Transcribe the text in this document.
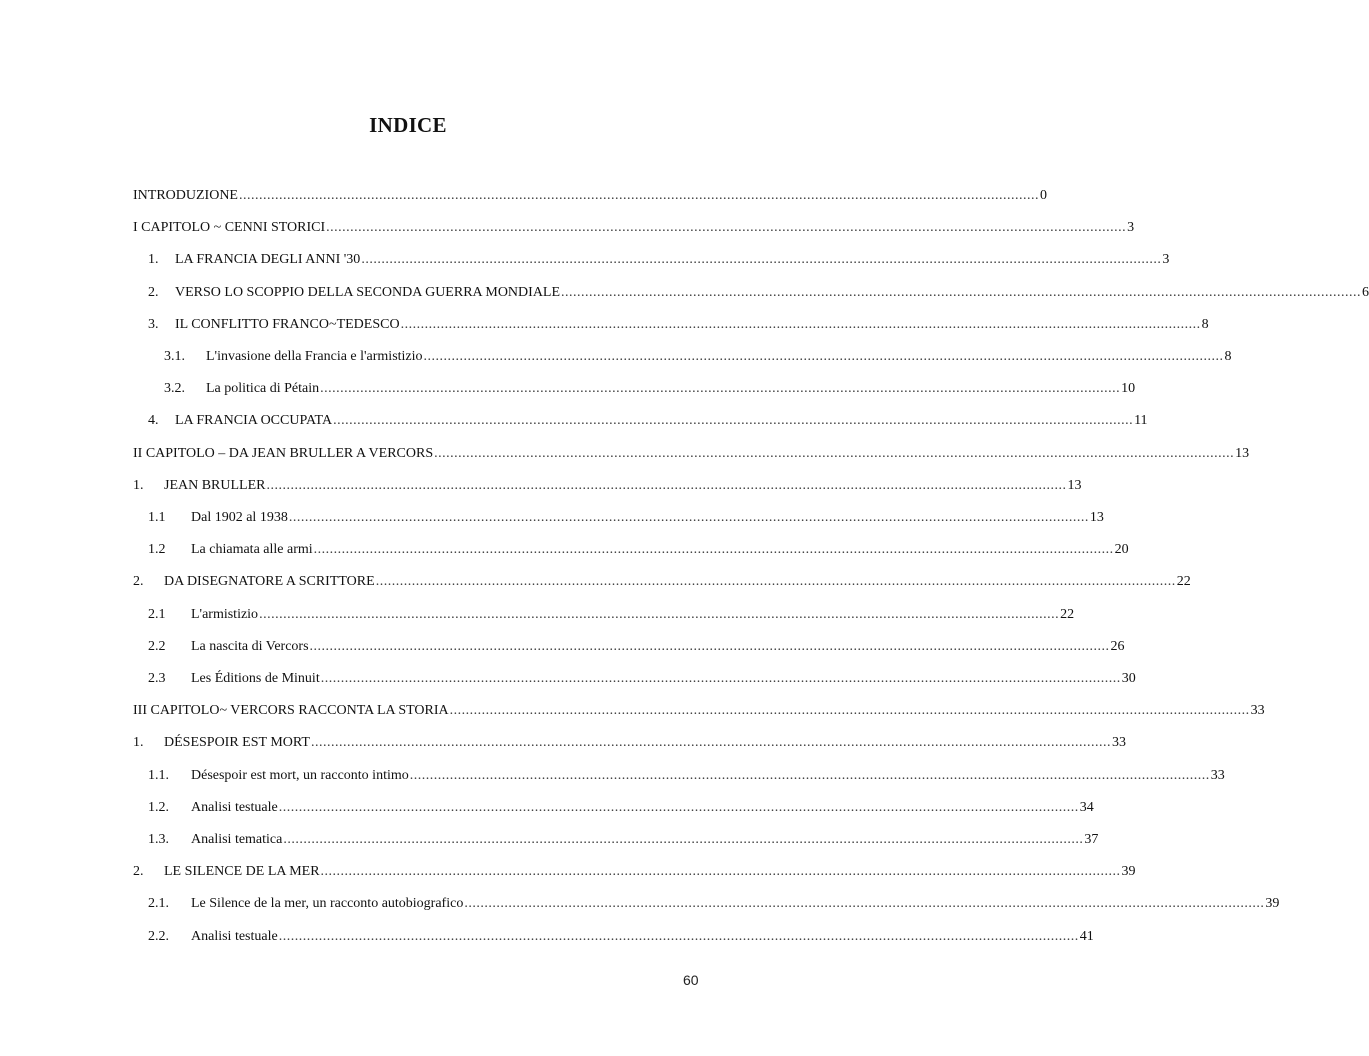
INDICE
INTRODUZIONE ........................................................................................................................................................................................................ 0
I CAPITOLO ~ CENNI STORICI ........................................................................................................................................................................................................ 3
1.	LA FRANCIA DEGLI ANNI '30 ........................................................................................................................................................................................................ 3
2.	VERSO LO SCOPPIO DELLA SECONDA GUERRA MONDIALE ........................................................................................................................................................................................................ 6
3.	IL CONFLITTO FRANCO~TEDESCO ........................................................................................................................................................................................................ 8
3.1.	L'invasione della Francia e l'armistizio ........................................................................................................................................................................................................ 8
3.2.	La politica di Pétain ........................................................................................................................................................................................................ 10
4.	LA FRANCIA OCCUPATA ........................................................................................................................................................................................................ 11
II CAPITOLO – DA JEAN BRULLER A VERCORS ........................................................................................................................................................................................................ 13
1.	JEAN BRULLER ........................................................................................................................................................................................................ 13
1.1	Dal 1902 al 1938 ........................................................................................................................................................................................................ 13
1.2	La chiamata alle armi ........................................................................................................................................................................................................ 20
2.	DA DISEGNATORE A SCRITTORE ........................................................................................................................................................................................................ 22
2.1	L'armistizio ........................................................................................................................................................................................................ 22
2.2	La nascita di Vercors ........................................................................................................................................................................................................ 26
2.3	Les Éditions de Minuit ........................................................................................................................................................................................................ 30
III CAPITOLO~ VERCORS RACCONTA LA STORIA ........................................................................................................................................................................................................ 33
1.	DÉSESPOIR EST MORT ........................................................................................................................................................................................................ 33
1.1.	Désespoir est mort, un racconto intimo ........................................................................................................................................................................................................ 33
1.2.	Analisi testuale ........................................................................................................................................................................................................ 34
1.3.	Analisi tematica ........................................................................................................................................................................................................ 37
2.	LE SILENCE DE LA MER ........................................................................................................................................................................................................ 39
2.1.	Le Silence de la mer, un racconto autobiografico ........................................................................................................................................................................................................ 39
2.2.	Analisi testuale ........................................................................................................................................................................................................ 41
60
